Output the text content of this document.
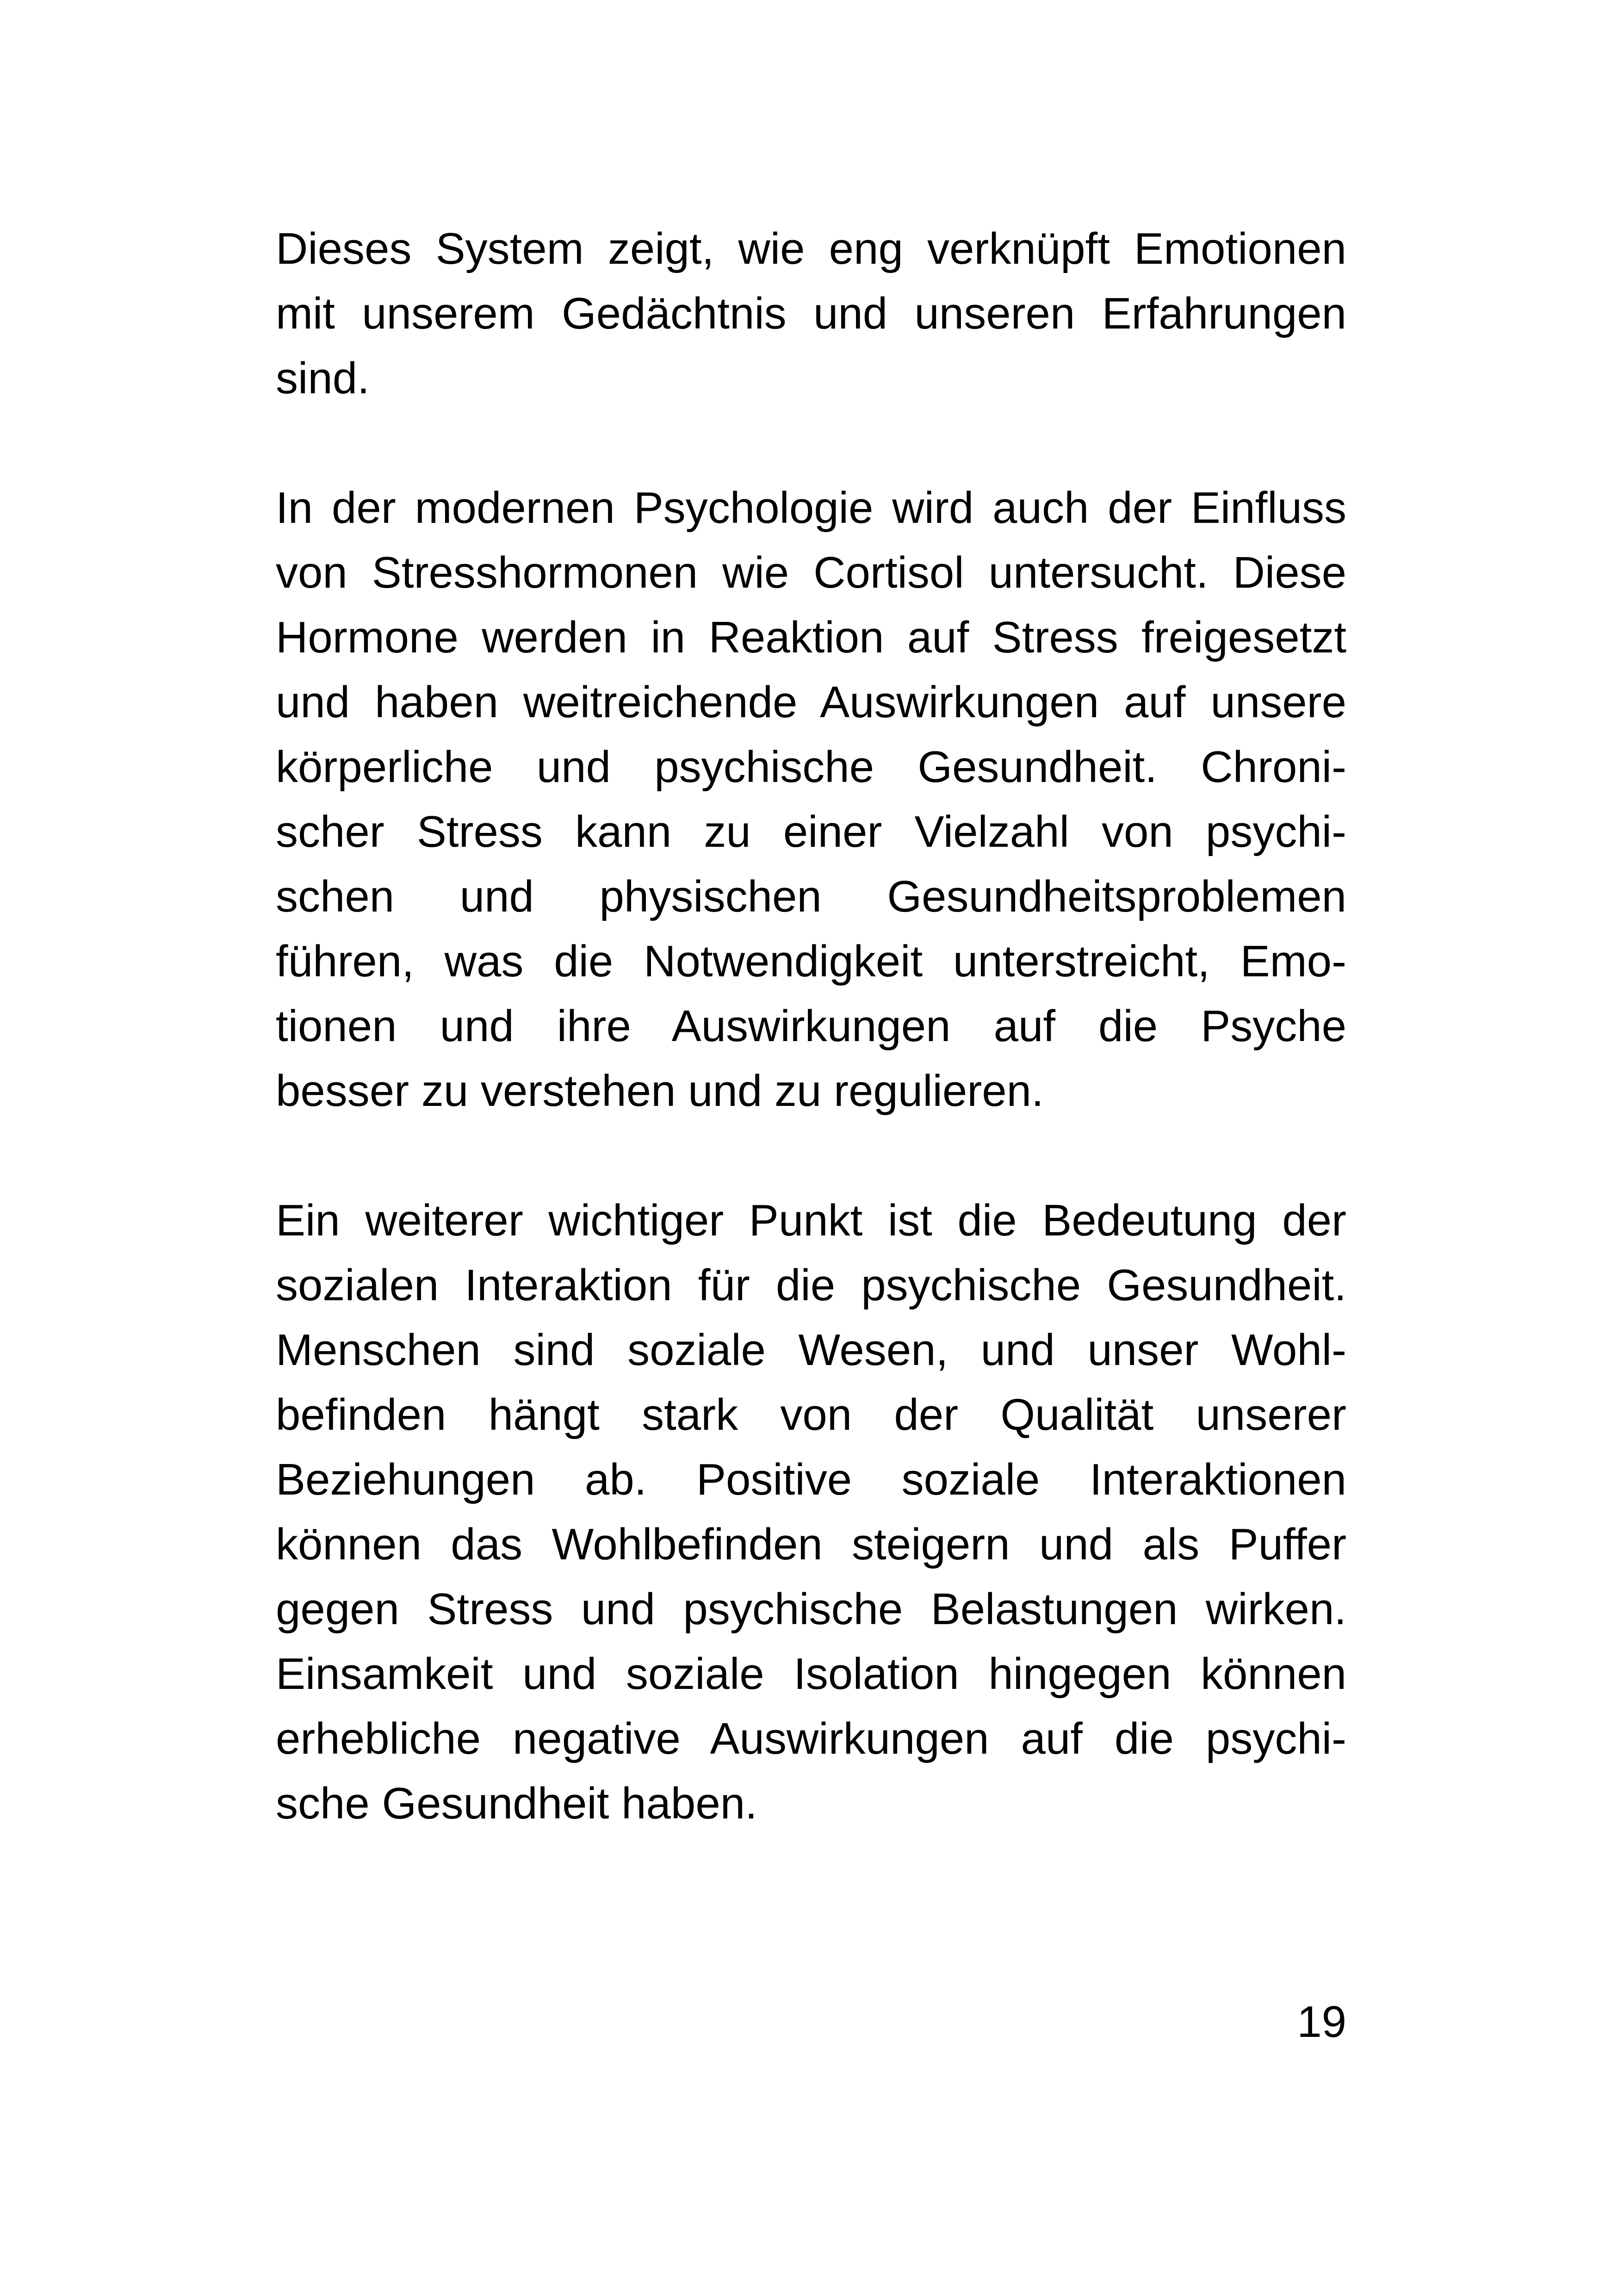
Dieses System zeigt, wie eng verknüpft Emotionen
mit unserem Gedächtnis und unseren Erfahrungen
sind.

In der modernen Psychologie wird auch der Einfluss
von Stresshormonen wie Cortisol untersucht. Diese
Hormone werden in Reaktion auf Stress freigesetzt
und haben weitreichende Auswirkungen auf unsere
körperliche und psychische Gesundheit. Chroni-
scher Stress kann zu einer Vielzahl von psychi-
schen und physischen Gesundheitsproblemen
führen, was die Notwendigkeit unterstreicht, Emo-
tionen und ihre Auswirkungen auf die Psyche
besser zu verstehen und zu regulieren.

Ein weiterer wichtiger Punkt ist die Bedeutung der
sozialen Interaktion für die psychische Gesundheit.
Menschen sind soziale Wesen, und unser Wohl-
befinden hängt stark von der Qualität unserer
Beziehungen ab. Positive soziale Interaktionen
können das Wohlbefinden steigern und als Puffer
gegen Stress und psychische Belastungen wirken.
Einsamkeit und soziale Isolation hingegen können
erhebliche negative Auswirkungen auf die psychi-
sche Gesundheit haben.

19
